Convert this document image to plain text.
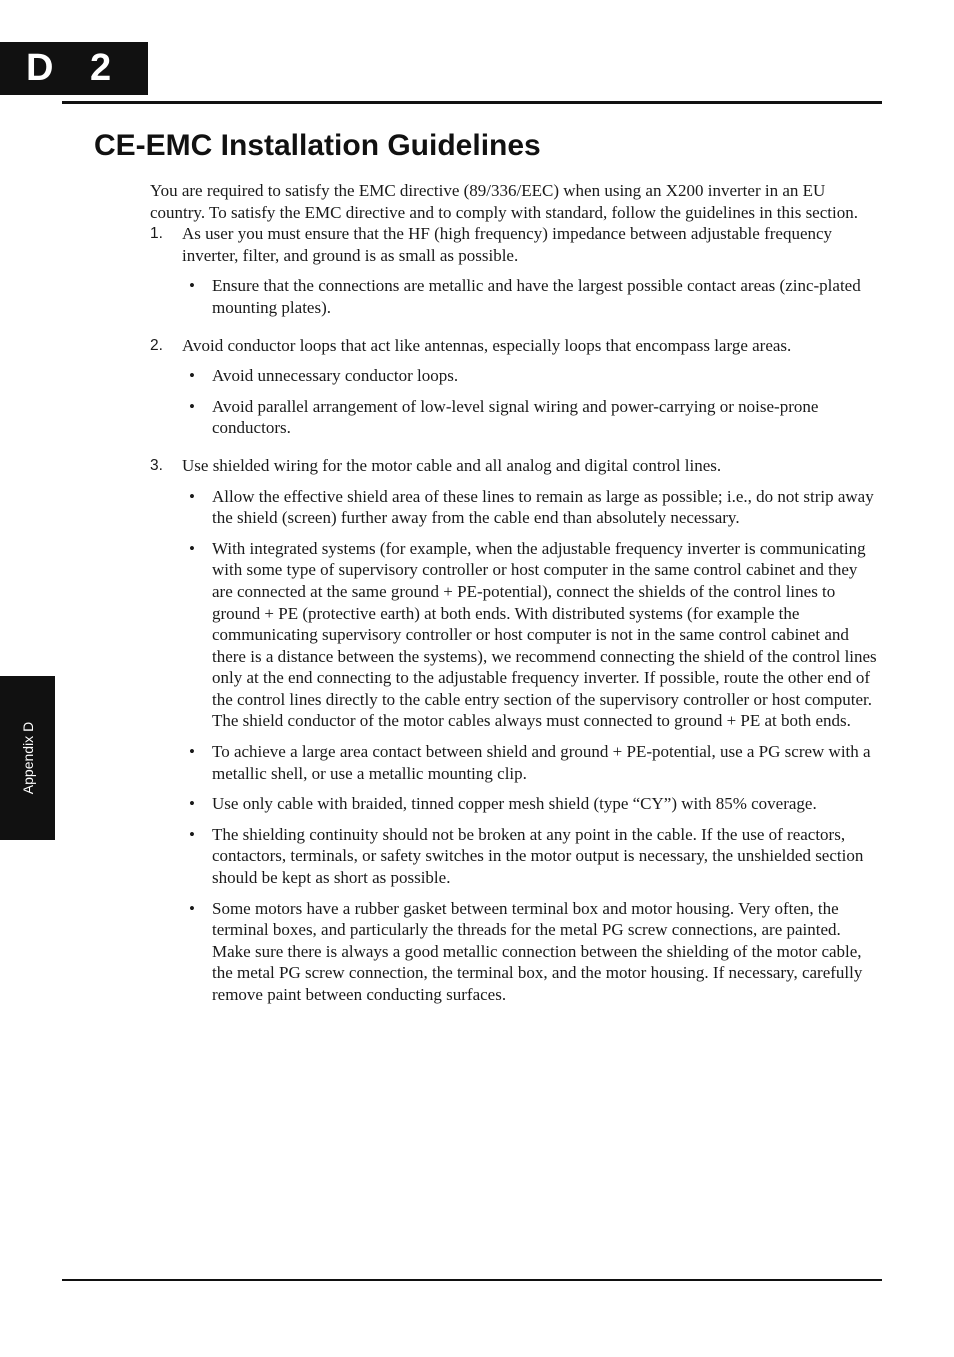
D 2
CE-EMC Installation Guidelines
Appendix D

You are required to satisfy the EMC directive (89/336/EEC) when using an X200 inverter in an EU country. To satisfy the EMC directive and to comply with standard, follow the guidelines in this section.

1.	As user you must ensure that the HF (high frequency) impedance between adjustable frequency inverter, filter, and ground is as small as possible.
•	Ensure that the connections are metallic and have the largest possible contact areas (zinc-plated mounting plates).
2.	Avoid conductor loops that act like antennas, especially loops that encompass large areas.
•	Avoid unnecessary conductor loops.
•	Avoid parallel arrangement of low-level signal wiring and power-carrying or noise-prone conductors.
3.	Use shielded wiring for the motor cable and all analog and digital control lines.
•	Allow the effective shield area of these lines to remain as large as possible; i.e., do not strip away the shield (screen) further away from the cable end than absolutely necessary.
•	With integrated systems (for example, when the adjustable frequency inverter is communicating with some type of supervisory controller or host computer in the same control cabinet and they are connected at the same ground + PE-potential), connect the shields of the control lines to ground + PE (protective earth) at both ends. With distributed systems (for example the communicating supervisory controller or host computer is not in the same control cabinet and there is a distance between the systems), we recommend connecting the shield of the control lines only at the end connecting to the adjustable frequency inverter. If possible, route the other end of the control lines directly to the cable entry section of the supervisory controller or host computer. The shield conductor of the motor cables always must connected to ground + PE at both ends.
•	To achieve a large area contact between shield and ground + PE-potential, use a PG screw with a metallic shell, or use a metallic mounting clip.
•	Use only cable with braided, tinned copper mesh shield (type “CY”) with 85% coverage.
•	The shielding continuity should not be broken at any point in the cable. If the use of reactors, contactors, terminals, or safety switches in the motor output is necessary, the unshielded section should be kept as short as possible.
•	Some motors have a rubber gasket between terminal box and motor housing. Very often, the terminal boxes, and particularly the threads for the metal PG screw connections, are painted. Make sure there is always a good metallic connection between the shielding of the motor cable, the metal PG screw connection, the terminal box, and the motor housing. If necessary, carefully remove paint between conducting surfaces.
